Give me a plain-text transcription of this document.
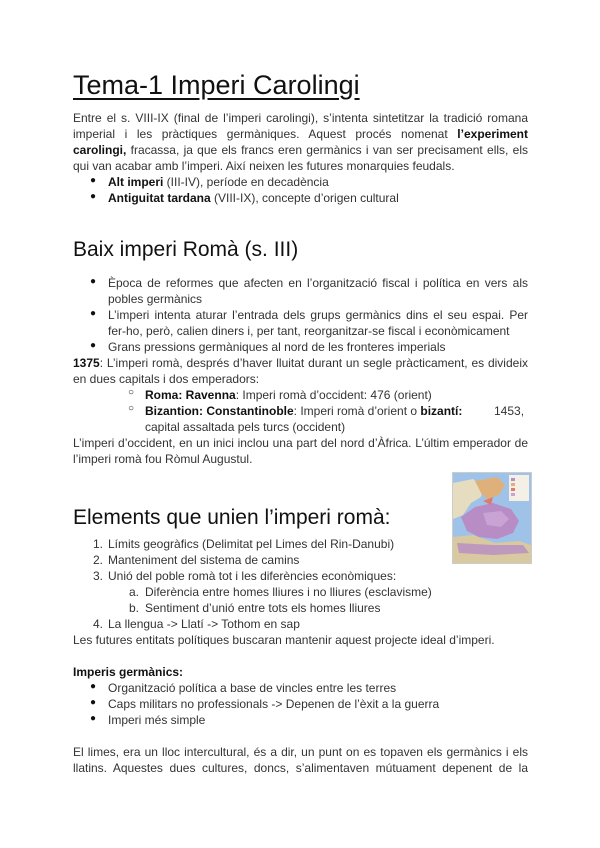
Tema-1 Imperi Carolingi
Entre el s. VIII-IX (final de l’imperi carolingi), s’intenta sintetitzar la tradició romana
imperial i les pràctiques germàniques. Aquest procés nomenat l’experiment
carolingi, fracassa, ja que els francs eren germànics i van ser precisament ells, els
qui van acabar amb l’imperi. Així neixen les futures monarquies feudals.
● Alt imperi (III-IV), període en decadència
● Antiguitat tardana (VIII-IX), concepte d’origen cultural
Baix imperi Romà (s. III)
● Època de reformes que afecten en l’organització fiscal i política en vers als
pobles germànics
● L’imperi intenta aturar l’entrada dels grups germànics dins el seu espai. Per
fer-ho, però, calien diners i, per tant, reorganitzar-se fiscal i econòmicament
● Grans pressions germàniques al nord de les fronteres imperials
1375: L’imperi romà, després d’haver lluitat durant un segle pràcticament, es divideix
en dues capitals i dos emperadors:
○ Roma: Ravenna: Imperi romà d’occident: 476 (orient)
○ Bizantion: Constantinoble: Imperi romà d’orient o bizantí:	1453,
capital assaltada pels turcs (occident)
L’imperi d’occident, en un inici inclou una part del nord d’Àfrica. L’últim emperador de
l’imperi romà fou Ròmul Augustul.
Elements que unien l’imperi romà:
1. Límits geogràfics (Delimitat pel Limes del Rin-Danubi)
2. Manteniment del sistema de camins
3. Unió del poble romà tot i les diferències econòmiques:
a. Diferència entre homes lliures i no lliures (esclavisme)
b. Sentiment d’unió entre tots els homes lliures
4. La llengua -> Llatí -> Tothom en sap
Les futures entitats polítiques buscaran mantenir aquest projecte ideal d’imperi.
Imperis germànics:
● Organització política a base de vincles entre les terres
● Caps militars no professionals -> Depenen de l’èxit a la guerra
● Imperi més simple
El limes, era un lloc intercultural, és a dir, un punt on es topaven els germànics i els
llatins. Aquestes dues cultures, doncs, s’alimentaven mútuament depenent de la
